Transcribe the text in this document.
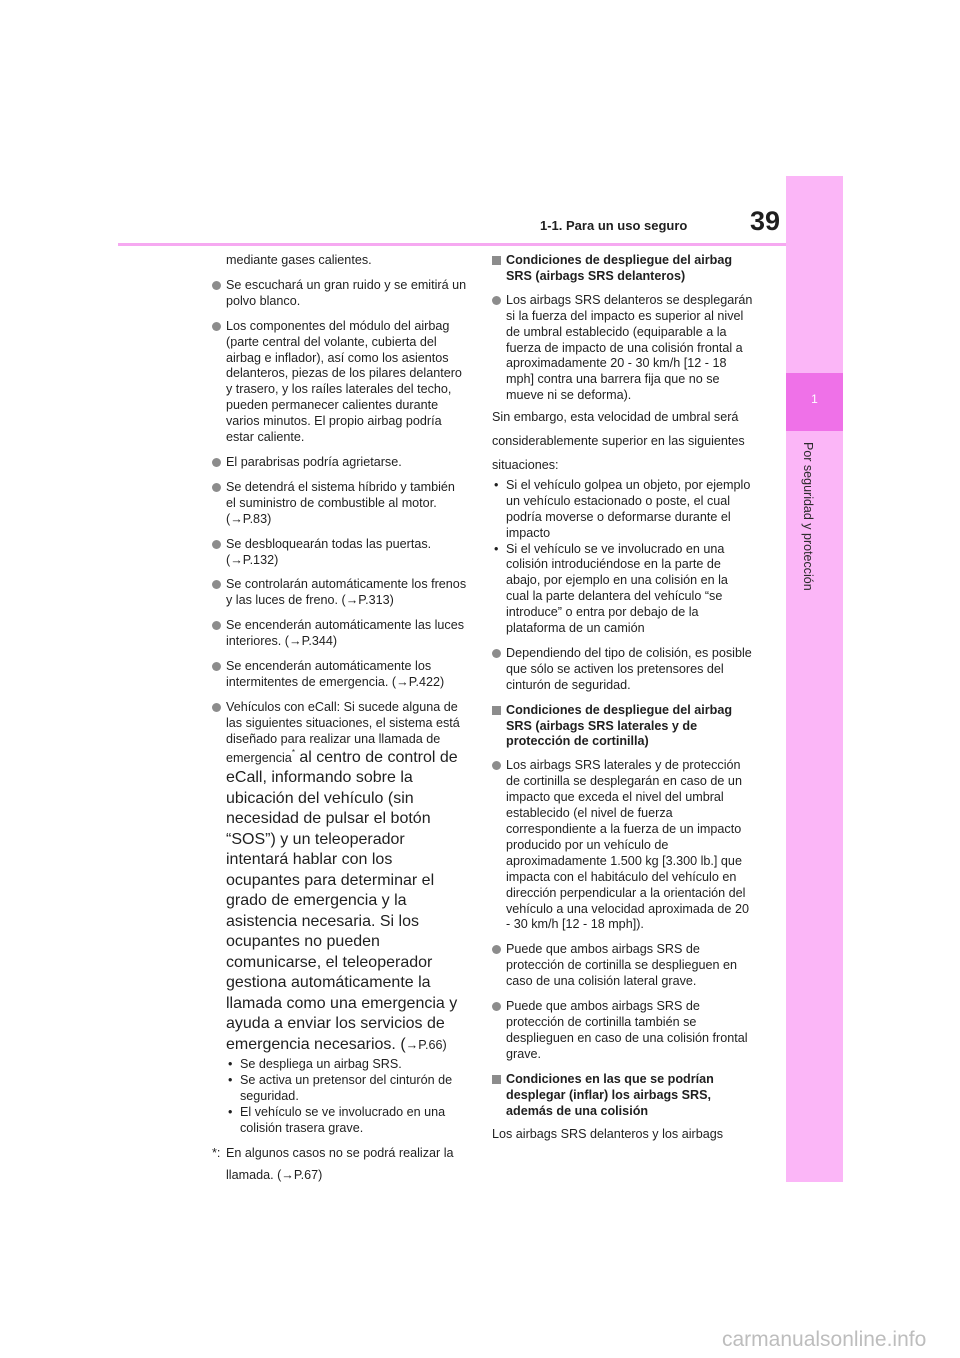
1-1. Para un uso seguro 39
1
Por seguridad y protección
mediante gases calientes.
Se escuchará un gran ruido y se emitirá un polvo blanco.
Los componentes del módulo del airbag (parte central del volante, cubierta del airbag e inflador), así como los asientos delanteros, piezas de los pilares delantero y trasero, y los raíles laterales del techo, pueden permanecer calientes durante varios minutos. El propio airbag podría estar caliente.
El parabrisas podría agrietarse.
Se detendrá el sistema híbrido y también el suministro de combustible al motor. (→P.83)
Se desbloquearán todas las puertas. (→P.132)
Se controlarán automáticamente los frenos y las luces de freno. (→P.313)
Se encenderán automáticamente las luces interiores. (→P.344)
Se encenderán automáticamente los intermitentes de emergencia. (→P.422)
Vehículos con eCall: Si sucede alguna de las siguientes situaciones, el sistema está diseñado para realizar una llamada de emergencia* al centro de control de eCall, informando sobre la ubicación del vehículo (sin necesidad de pulsar el botón “SOS”) y un teleoperador intentará hablar con los ocupantes para determinar el grado de emergencia y la asistencia necesaria. Si los ocupantes no pueden comunicarse, el teleoperador gestiona automáticamente la llamada como una emergencia y ayuda a enviar los servicios de emergencia necesarios. (→P.66)
• Se despliega un airbag SRS.
• Se activa un pretensor del cinturón de seguridad.
• El vehículo se ve involucrado en una colisión trasera grave.
*: En algunos casos no se podrá realizar la
llamada. (→P.67)
Condiciones de despliegue del airbag SRS (airbags SRS delanteros)
Los airbags SRS delanteros se desplegarán si la fuerza del impacto es superior al nivel de umbral establecido (equiparable a la fuerza de impacto de una colisión frontal a aproximadamente 20 - 30 km/h [12 - 18 mph] contra una barrera fija que no se mueve ni se deforma).
Sin embargo, esta velocidad de umbral será
considerablemente superior en las siguientes
situaciones:
• Si el vehículo golpea un objeto, por ejemplo un vehículo estacionado o poste, el cual podría moverse o deformarse durante el impacto
• Si el vehículo se ve involucrado en una colisión introduciéndose en la parte de abajo, por ejemplo en una colisión en la cual la parte delantera del vehículo “se introduce” o entra por debajo de la plataforma de un camión
Dependiendo del tipo de colisión, es posible que sólo se activen los pretensores del cinturón de seguridad.
Condiciones de despliegue del airbag SRS (airbags SRS laterales y de protección de cortinilla)
Los airbags SRS laterales y de protección de cortinilla se desplegarán en caso de un impacto que exceda el nivel del umbral establecido (el nivel de fuerza correspondiente a la fuerza de un impacto producido por un vehículo de aproximadamente 1.500 kg [3.300 lb.] que impacta con el habitáculo del vehículo en dirección perpendicular a la orientación del vehículo a una velocidad aproximada de 20 - 30 km/h [12 - 18 mph]).
Puede que ambos airbags SRS de protección de cortinilla se desplieguen en caso de una colisión lateral grave.
Puede que ambos airbags SRS de protección de cortinilla también se desplieguen en caso de una colisión frontal grave.
Condiciones en las que se podrían desplegar (inflar) los airbags SRS, además de una colisión
Los airbags SRS delanteros y los airbags
carmanualsonline.info
